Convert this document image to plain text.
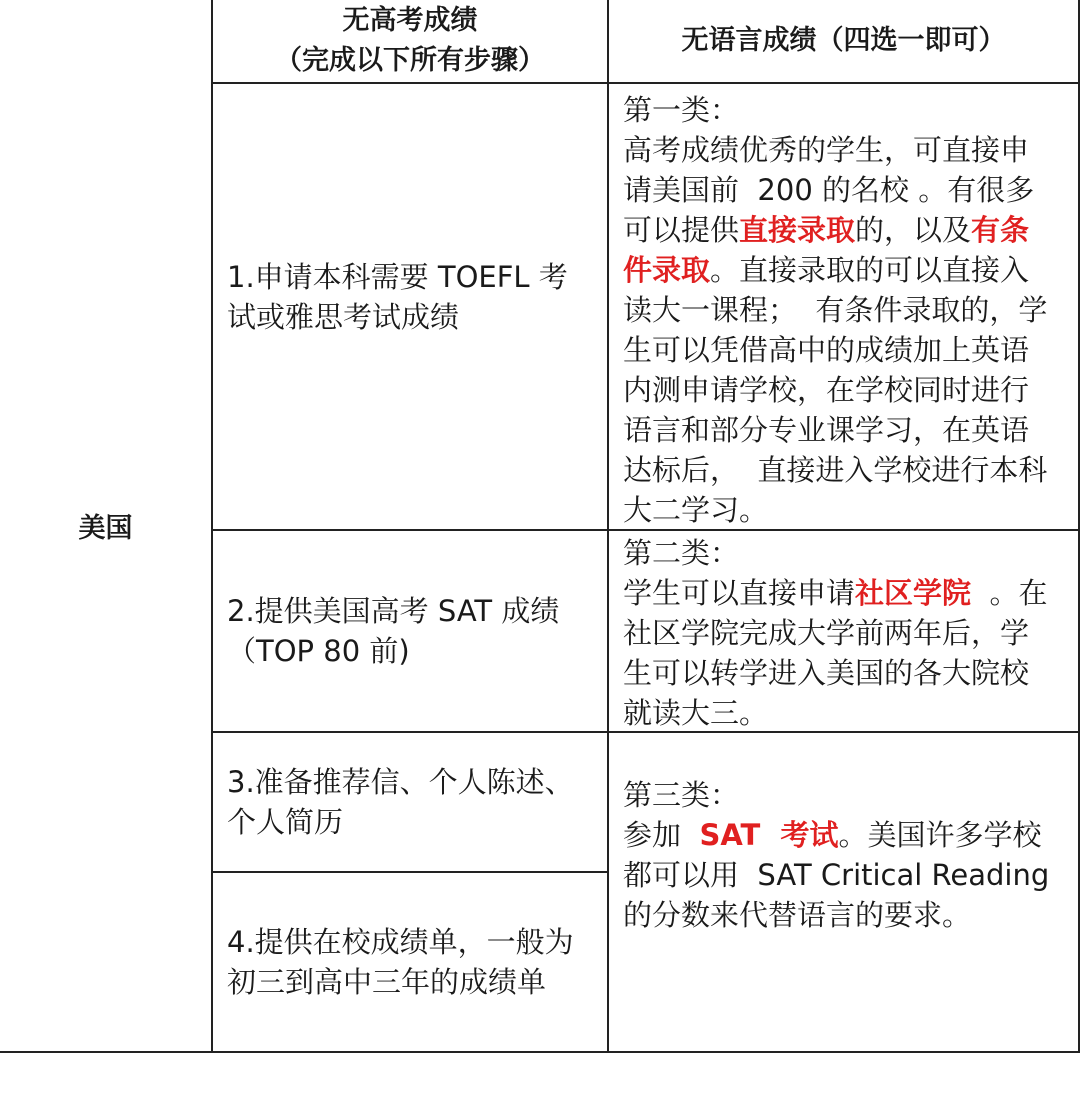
美国
无高考成绩
（完成以下所有步骤）
无语言成绩（四选一即可）
1.申请本科需要 TOEFL 考
试或雅思考试成绩
第一类：
高考成绩优秀的学生，可直接申
请美国前  200 的名校 。有很多
可以提供直接录取的，以及有条
件录取。直接录取的可以直接入
读大一课程；  有条件录取的，学
生可以凭借高中的成绩加上英语
内测申请学校，在学校同时进行
语言和部分专业课学习，在英语
达标后，  直接进入学校进行本科
大二学习。
2.提供美国高考 SAT 成绩
（TOP 80 前)
第二类：
学生可以直接申请社区学院  。在
社区学院完成大学前两年后，学
生可以转学进入美国的各大院校
就读大三。
3.准备推荐信、个人陈述、
个人简历
4.提供在校成绩单，一般为
初三到高中三年的成绩单
第三类：
参加  SAT  考试。美国许多学校
都可以用  SAT Critical Reading
的分数来代替语言的要求。
